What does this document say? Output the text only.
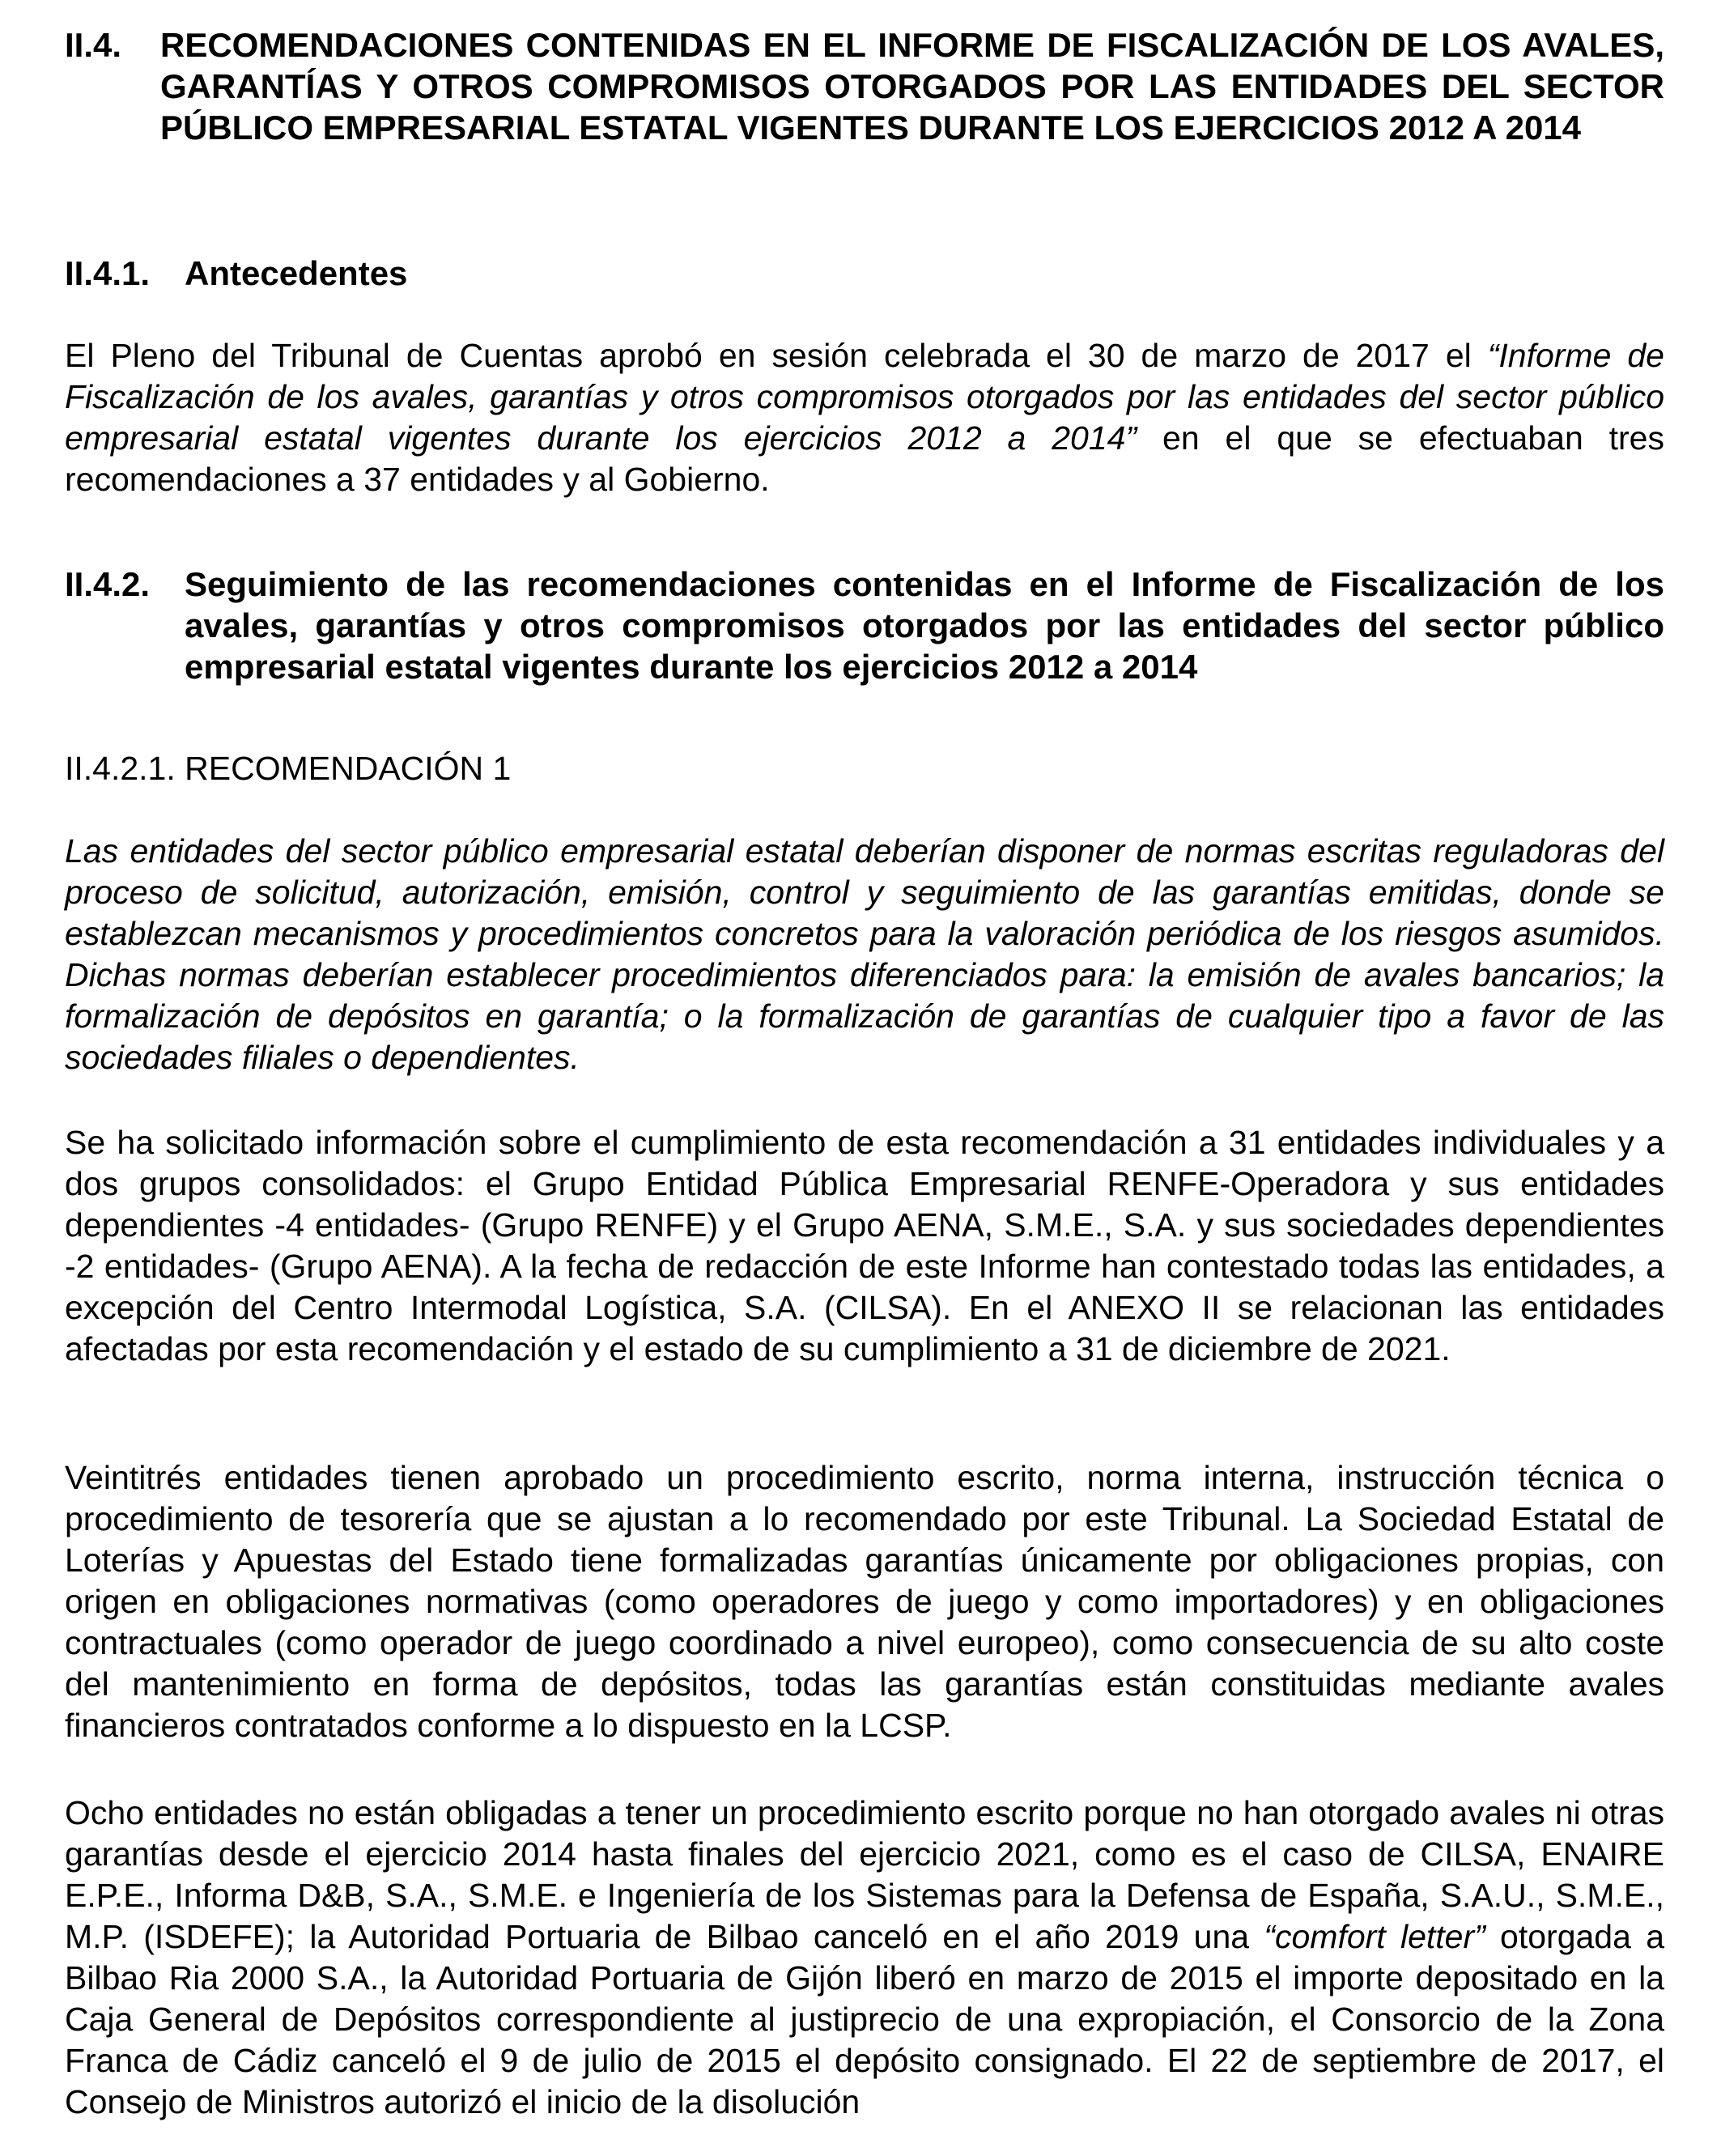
II.4. RECOMENDACIONES CONTENIDAS EN EL INFORME DE FISCALIZACIÓN DE LOS AVALES, GARANTÍAS Y OTROS COMPROMISOS OTORGADOS POR LAS ENTIDADES DEL SECTOR PÚBLICO EMPRESARIAL ESTATAL VIGENTES DURANTE LOS EJERCICIOS 2012 A 2014
II.4.1. Antecedentes
El Pleno del Tribunal de Cuentas aprobó en sesión celebrada el 30 de marzo de 2017 el “Informe de Fiscalización de los avales, garantías y otros compromisos otorgados por las entidades del sector público empresarial estatal vigentes durante los ejercicios 2012 a 2014” en el que se efectuaban tres recomendaciones a 37 entidades y al Gobierno.
II.4.2. Seguimiento de las recomendaciones contenidas en el Informe de Fiscalización de los avales, garantías y otros compromisos otorgados por las entidades del sector público empresarial estatal vigentes durante los ejercicios 2012 a 2014
II.4.2.1. RECOMENDACIÓN 1
Las entidades del sector público empresarial estatal deberían disponer de normas escritas reguladoras del proceso de solicitud, autorización, emisión, control y seguimiento de las garantías emitidas, donde se establezcan mecanismos y procedimientos concretos para la valoración periódica de los riesgos asumidos. Dichas normas deberían establecer procedimientos diferenciados para: la emisión de avales bancarios; la formalización de depósitos en garantía; o la formalización de garantías de cualquier tipo a favor de las sociedades filiales o dependientes.
Se ha solicitado información sobre el cumplimiento de esta recomendación a 31 entidades individuales y a dos grupos consolidados: el Grupo Entidad Pública Empresarial RENFE-Operadora y sus entidades dependientes -4 entidades- (Grupo RENFE) y el Grupo AENA, S.M.E., S.A. y sus sociedades dependientes -2 entidades- (Grupo AENA). A la fecha de redacción de este Informe han contestado todas las entidades, a excepción del Centro Intermodal Logística, S.A. (CILSA). En el ANEXO II se relacionan las entidades afectadas por esta recomendación y el estado de su cumplimiento a 31 de diciembre de 2021.
Veintitrés entidades tienen aprobado un procedimiento escrito, norma interna, instrucción técnica o procedimiento de tesorería que se ajustan a lo recomendado por este Tribunal. La Sociedad Estatal de Loterías y Apuestas del Estado tiene formalizadas garantías únicamente por obligaciones propias, con origen en obligaciones normativas (como operadores de juego y como importadores) y en obligaciones contractuales (como operador de juego coordinado a nivel europeo), como consecuencia de su alto coste del mantenimiento en forma de depósitos, todas las garantías están constituidas mediante avales financieros contratados conforme a lo dispuesto en la LCSP.
Ocho entidades no están obligadas a tener un procedimiento escrito porque no han otorgado avales ni otras garantías desde el ejercicio 2014 hasta finales del ejercicio 2021, como es el caso de CILSA, ENAIRE E.P.E., Informa D&B, S.A., S.M.E. e Ingeniería de los Sistemas para la Defensa de España, S.A.U., S.M.E., M.P. (ISDEFE); la Autoridad Portuaria de Bilbao canceló en el año 2019 una “comfort letter” otorgada a Bilbao Ria 2000 S.A., la Autoridad Portuaria de Gijón liberó en marzo de 2015 el importe depositado en la Caja General de Depósitos correspondiente al justiprecio de una expropiación, el Consorcio de la Zona Franca de Cádiz canceló el 9 de julio de 2015 el depósito consignado. El 22 de septiembre de 2017, el Consejo de Ministros autorizó el inicio de la disolución
